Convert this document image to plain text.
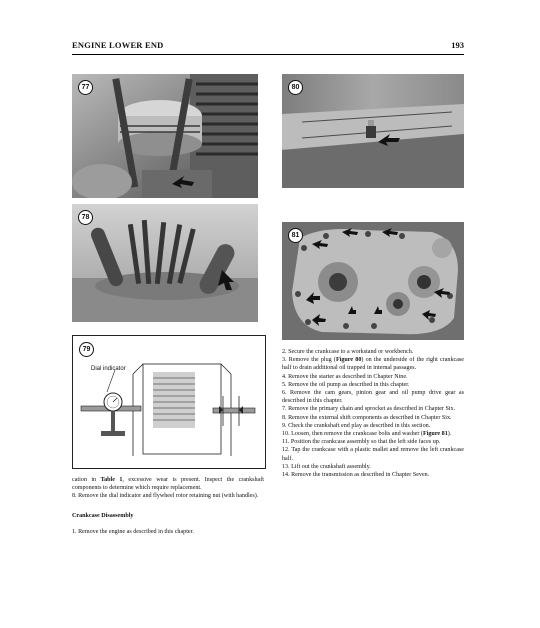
ENGINE LOWER END	193
77
78
Dial indicator
79
80
81

cation in Table 1, excessive wear is present. Inspect the crankshaft components to determine which require replacement.

8. Remove the dial indicator and flywheel rotor retaining nut (with handles).

Crankcase Disassembly

1. Remove the engine as described in this chapter.

2. Secure the crankcase to a workstand or workbench.

3. Remove the plug (Figure 80) on the underside of the right crankcase half to drain additional oil trapped in internal passages.

4. Remove the starter as described in Chapter Nine.

5. Remove the oil pump as described in this chapter.

6. Remove the cam gears, pinion gear and oil pump drive gear as described in this chapter.

7. Remove the primary chain and sprocket as described in Chapter Six.

8. Remove the external shift components as described in Chapter Six.

9. Check the crankshaft end play as described in this section.

10. Loosen, then remove the crankcase bolts and washer (Figure 81).

11. Position the crankcase assembly so that the left side faces up.

12. Tap the crankcase with a plastic mallet and remove the left crankcase half.

13. Lift out the crankshaft assembly.

14. Remove the transmission as described in Chapter Seven.
